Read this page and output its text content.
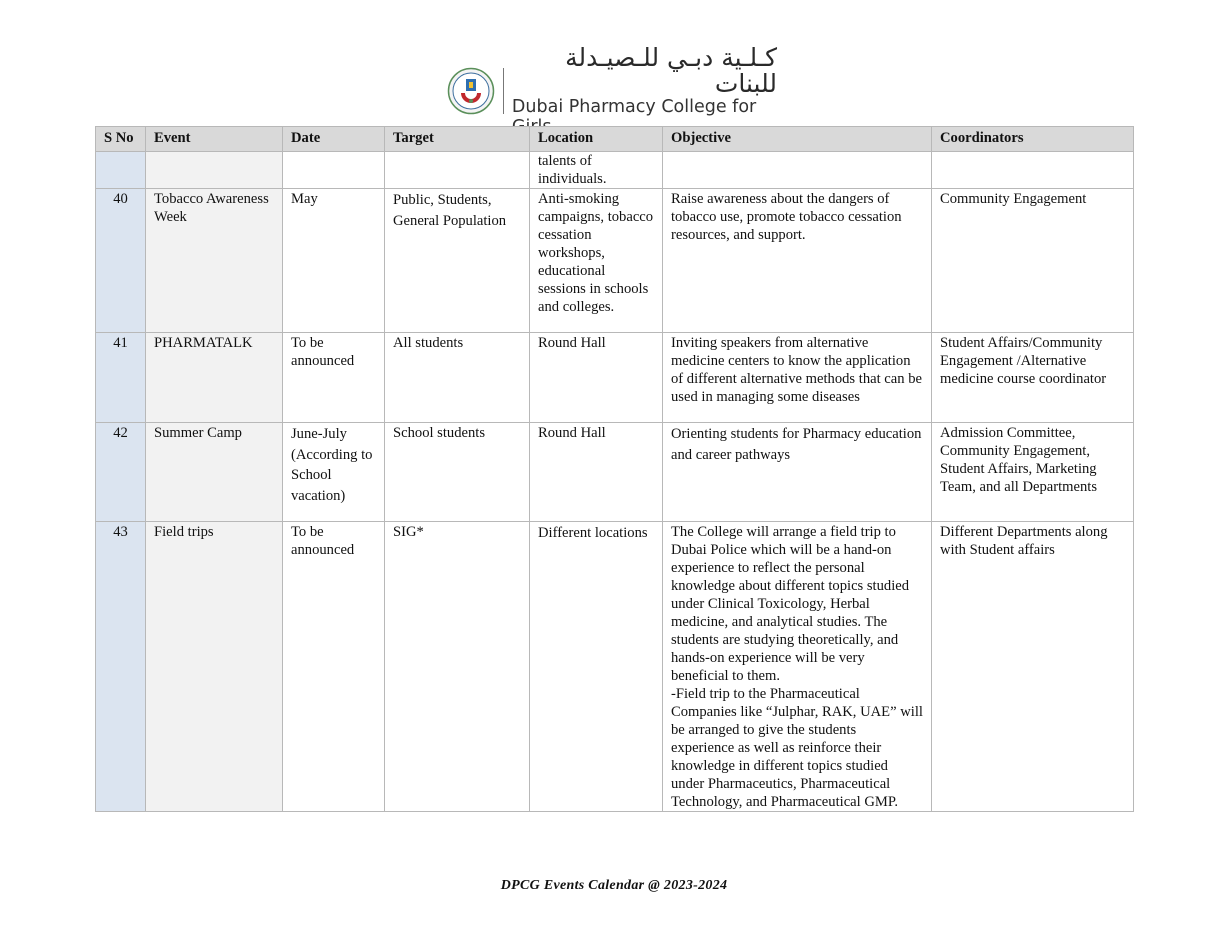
كـلـية دبـي للـصيـدلة للبنات
Dubai Pharmacy College for
S No	Event	Date	Target	Location	Objective	Coordinators
				talents of individuals.		
40	Tobacco Awareness Week	May	Public, Students, General Population	Anti-smoking campaigns, tobacco cessation workshops, educational sessions in schools and colleges.	Raise awareness about the dangers of tobacco use, promote tobacco cessation resources, and support.	Community Engagement
41	PHARMATALK	To be announced	All students	Round Hall	Inviting speakers from alternative medicine centers to know the application of different alternative methods that can be used in managing some diseases	Student Affairs/Community Engagement /Alternative medicine course coordinator
42	Summer Camp	June-July (According to School vacation)	School students	Round Hall	Orienting students for Pharmacy education and career pathways	Admission Committee, Community Engagement, Student Affairs, Marketing Team, and all Departments
43	Field trips	To be announced	SIG*	Different locations	The College will arrange a field trip to Dubai Police which will be a hand-on experience to reflect the personal knowledge about different topics studied under Clinical Toxicology, Herbal medicine, and analytical studies. The students are studying theoretically, and hands-on experience will be very beneficial to them.
-Field trip to the Pharmaceutical Companies like “Julphar, RAK, UAE” will be arranged to give the students experience as well as reinforce their knowledge in different topics studied under Pharmaceutics, Pharmaceutical Technology, and Pharmaceutical GMP.	Different Departments along with Student affairs
DPCG Events Calendar @ 2023-2024
